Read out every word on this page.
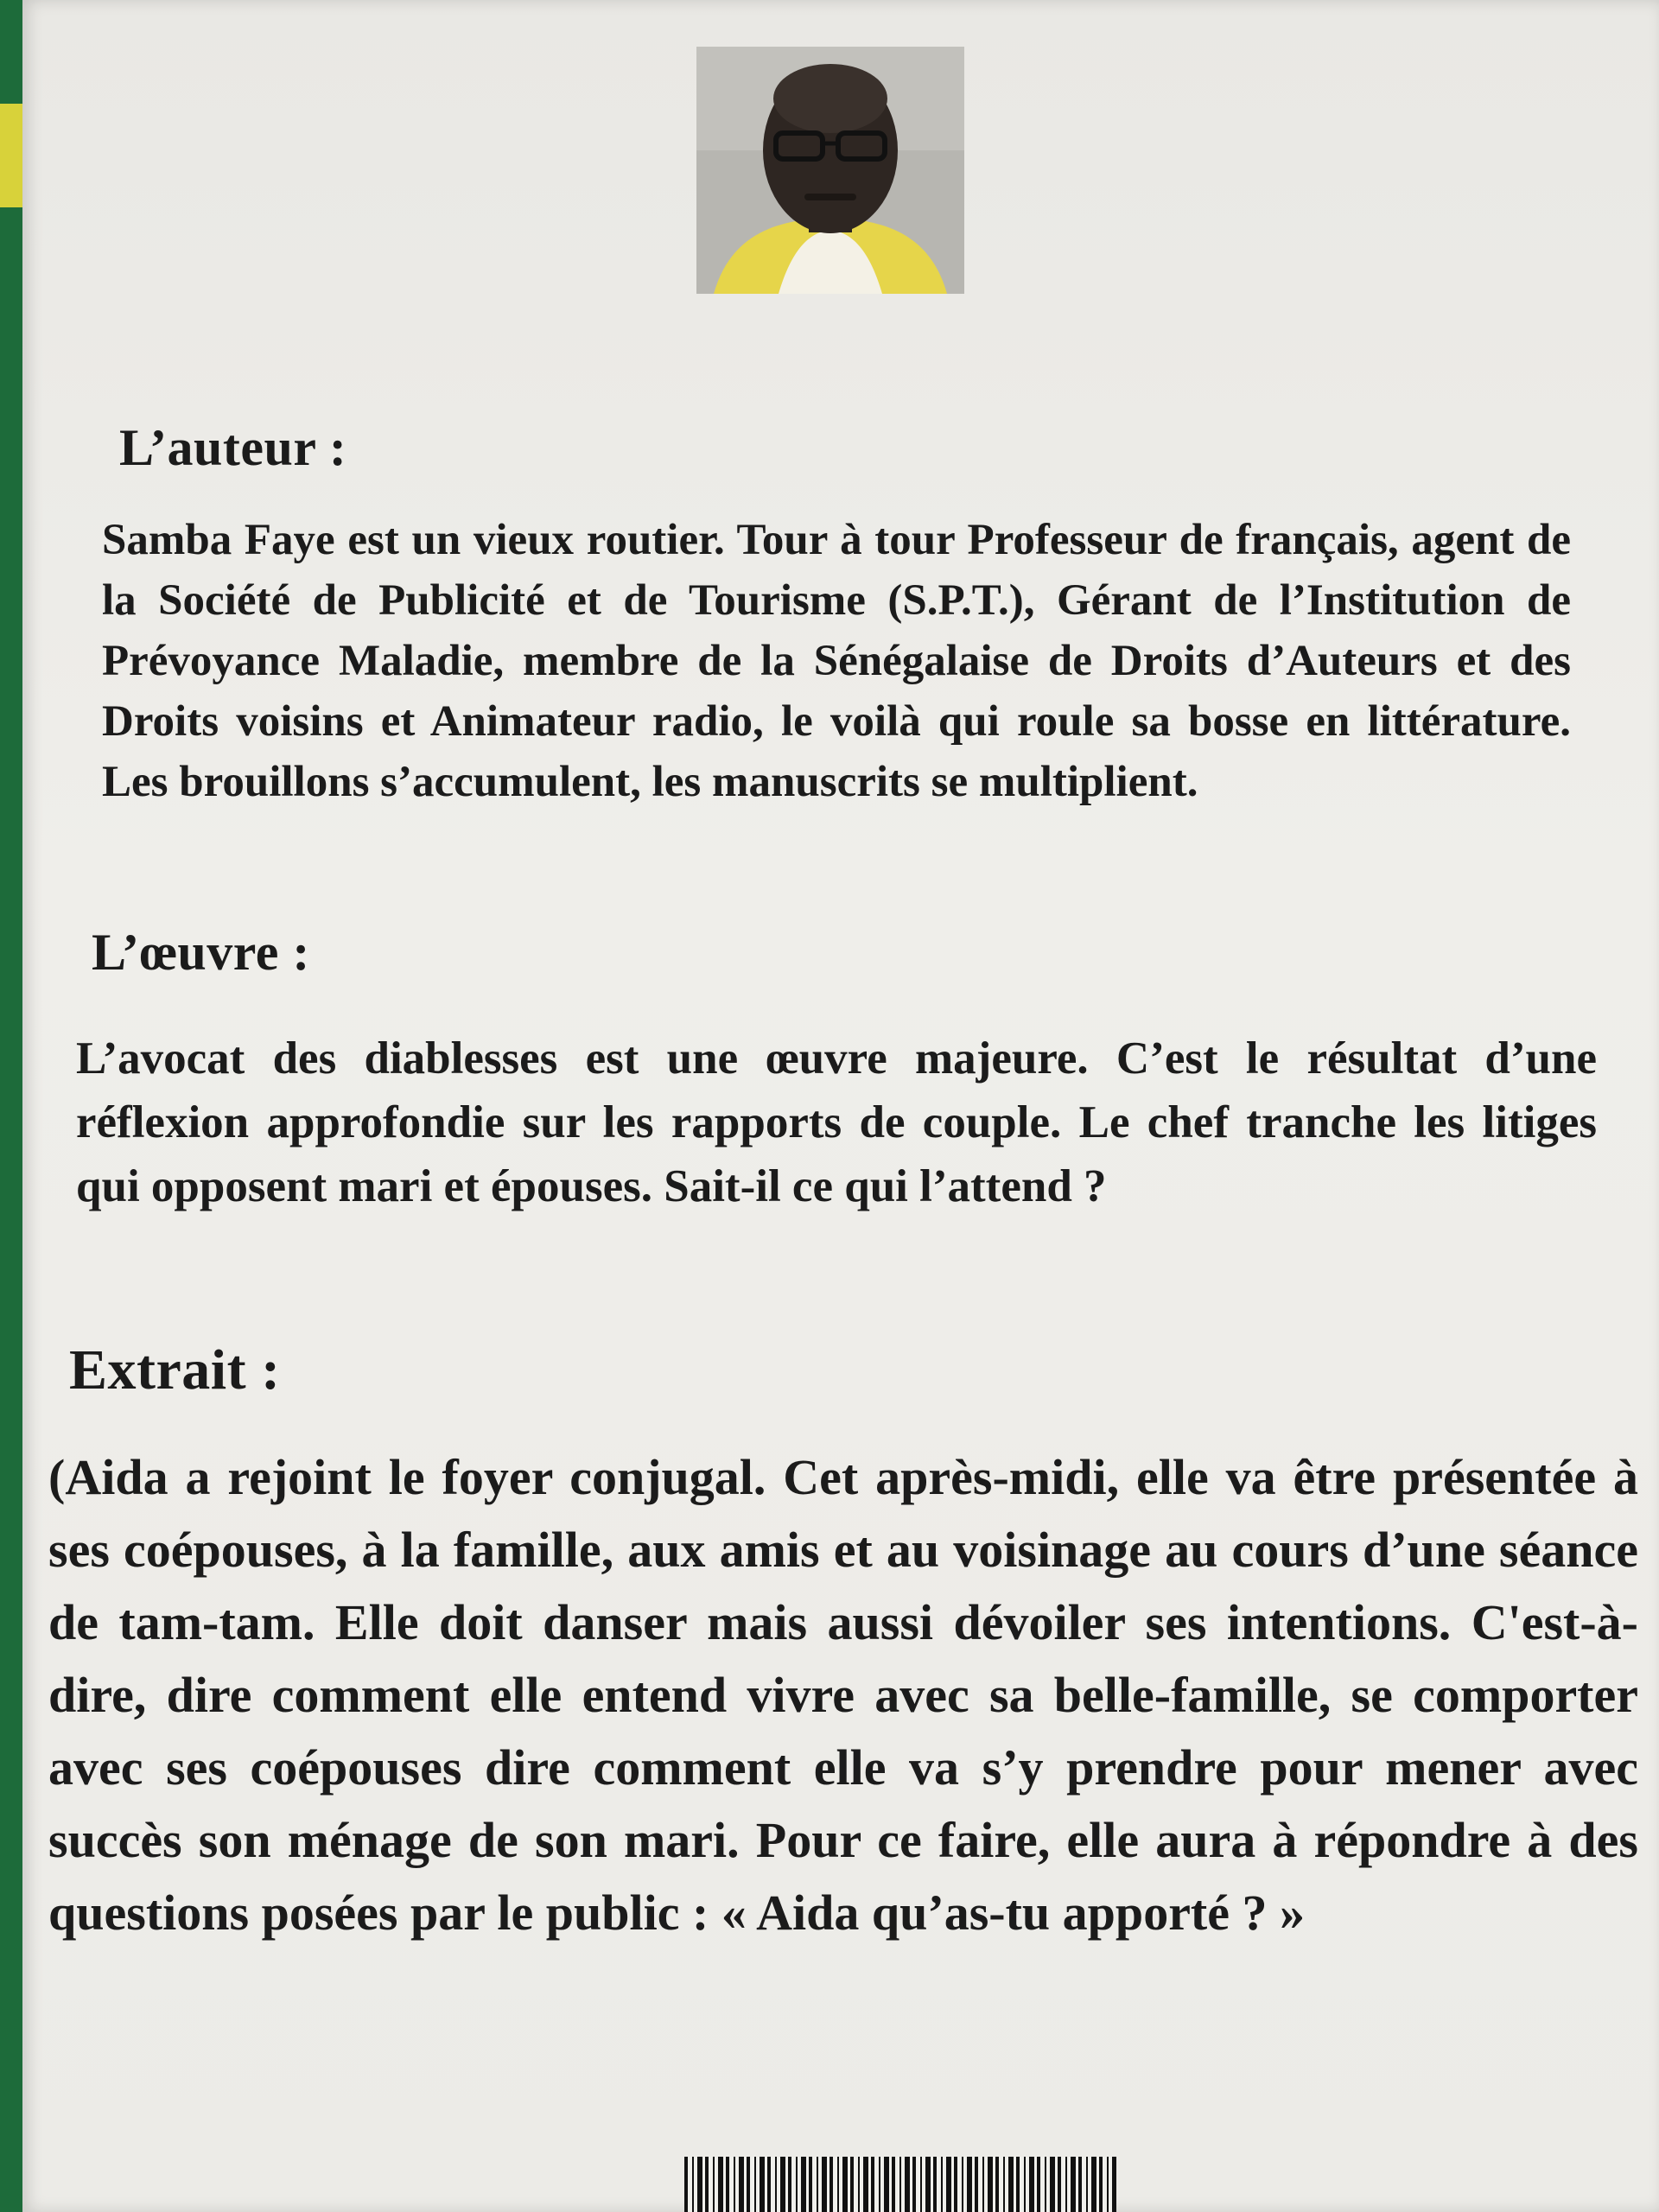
L’auteur :

Samba Faye est un vieux routier. Tour à tour Professeur de français, agent de la Société de Publicité et de Tourisme (S.P.T.), Gérant de l’Institution de Prévoyance Maladie, membre de la Sénégalaise de Droits d’Auteurs et des Droits voisins et Animateur radio, le voilà qui roule sa bosse en littérature. Les brouillons s’accumulent, les manuscrits se multiplient.

L’œuvre :

L’avocat des diablesses est une œuvre majeure. C’est le résultat d’une réflexion approfondie sur les rapports de couple. Le chef tranche les litiges qui opposent mari et épouses. Sait-il ce qui l’attend ?

Extrait :

(Aida a rejoint le foyer conjugal. Cet après-midi, elle va être présentée à ses coépouses, à la famille, aux amis et au voisinage au cours d’une séance de tam-tam. Elle doit danser mais aussi dévoiler ses intentions. C'est-à-dire, dire comment elle entend vivre avec sa belle-famille, se comporter avec ses coépouses dire comment elle va s’y prendre pour mener avec succès son ménage de son mari. Pour ce faire, elle aura à répondre à des questions posées par le public : « Aida qu’as-tu apporté ? »
